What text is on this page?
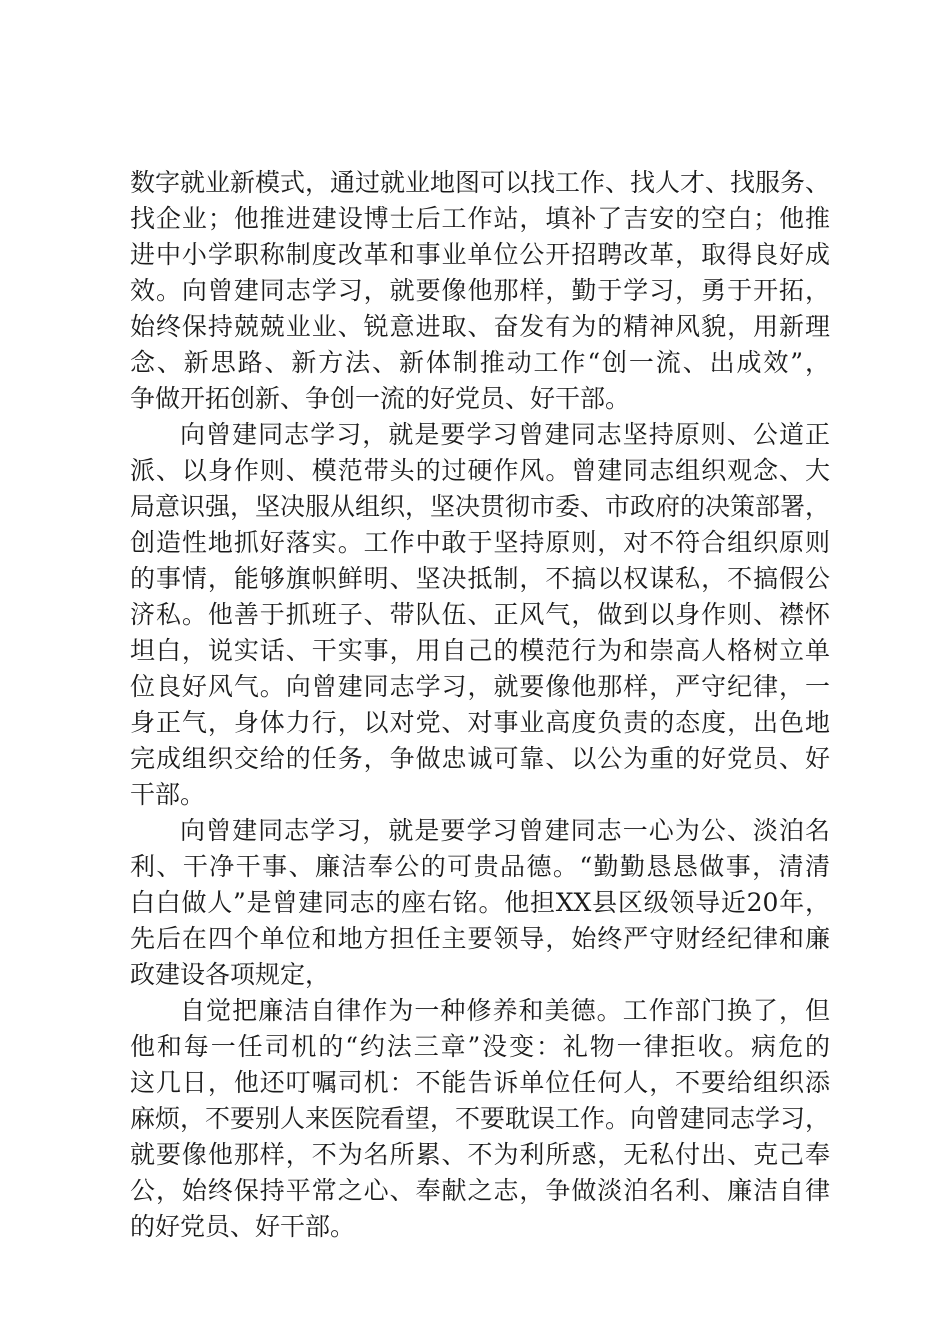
数字就业新模式，通过就业地图可以找工作、找人才、找服务、

找企业；他推进建设博士后工作站，填补了吉安的空白；他推

进中小学职称制度改革和事业单位公开招聘改革，取得良好成

效。向曾建同志学习，就要像他那样，勤于学习，勇于开拓，

始终保持兢兢业业、锐意进取、奋发有为的精神风貌，用新理

念、新思路、新方法、新体制推动工作“创一流、出成效”，

争做开拓创新、争创一流的好党员、好干部。

向曾建同志学习，就是要学习曾建同志坚持原则、公道正

派、以身作则、模范带头的过硬作风。曾建同志组织观念、大

局意识强，坚决服从组织，坚决贯彻市委、市政府的决策部署，

创造性地抓好落实。工作中敢于坚持原则，对不符合组织原则

的事情，能够旗帜鲜明、坚决抵制，不搞以权谋私，不搞假公

济私。他善于抓班子、带队伍、正风气，做到以身作则、襟怀

坦白，说实话、干实事，用自己的模范行为和崇高人格树立单

位良好风气。向曾建同志学习，就要像他那样，严守纪律，一

身正气，身体力行，以对党、对事业高度负责的态度，出色地

完成组织交给的任务，争做忠诚可靠、以公为重的好党员、好

干部。

向曾建同志学习，就是要学习曾建同志一心为公、淡泊名

利、干净干事、廉洁奉公的可贵品德。“勤勤恳恳做事，清清

白白做人”是曾建同志的座右铭。他担XX县区级领导近20年，

先后在四个单位和地方担任主要领导，始终严守财经纪律和廉

政建设各项规定，

自觉把廉洁自律作为一种修养和美德。工作部门换了，但

他和每一任司机的“约法三章”没变：礼物一律拒收。病危的

这几日，他还叮嘱司机：不能告诉单位任何人，不要给组织添

麻烦，不要别人来医院看望，不要耽误工作。向曾建同志学习，

就要像他那样，不为名所累、不为利所惑，无私付出、克己奉

公，始终保持平常之心、奉献之志，争做淡泊名利、廉洁自律

的好党员、好干部。
